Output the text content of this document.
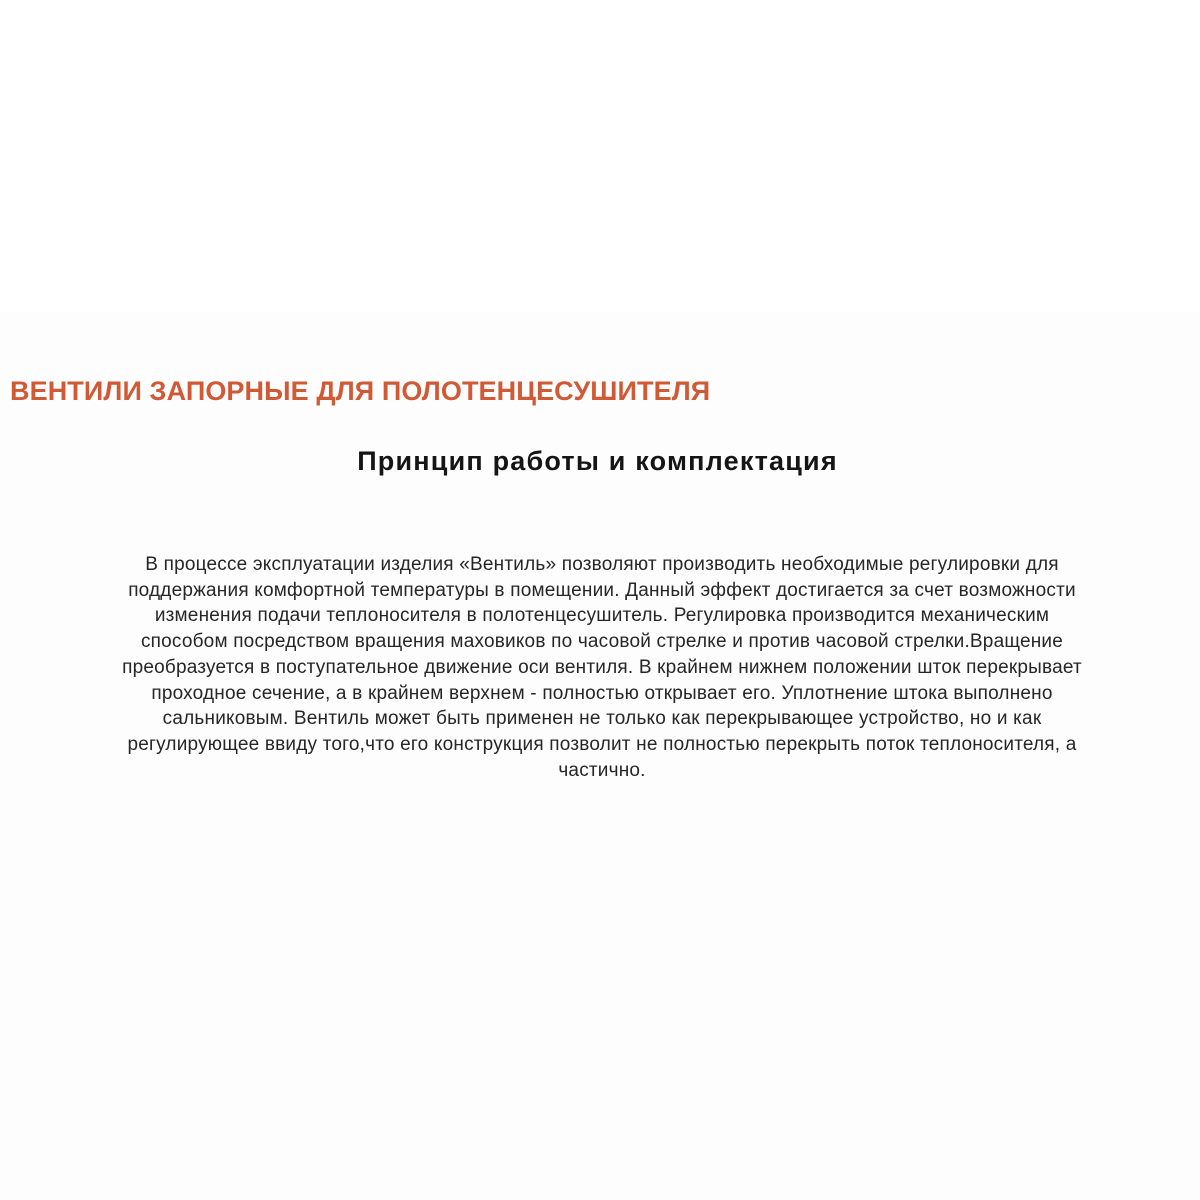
ВЕНТИЛИ ЗАПОРНЫЕ ДЛЯ ПОЛОТЕНЦЕСУШИТЕЛЯ
Принцип работы и комплектация

В процессе эксплуатации изделия «Вентиль» позволяют производить необходимые регулировки для
поддержания комфортной температуры в помещении. Данный эффект достигается за счет возможности
изменения подачи теплоносителя в полотенцесушитель. Регулировка производится механическим
способом посредством вращения маховиков по часовой стрелке и против часовой стрелки.Вращение
преобразуется в поступательное движение оси вентиля. В крайнем нижнем положении шток перекрывает
проходное сечение, а в крайнем верхнем - полностью открывает его. Уплотнение штока выполнено
сальниковым. Вентиль может быть применен не только как перекрывающее устройство, но и как
регулирующее ввиду того,что его конструкция позволит не полностью перекрыть поток теплоносителя, а
частично.
